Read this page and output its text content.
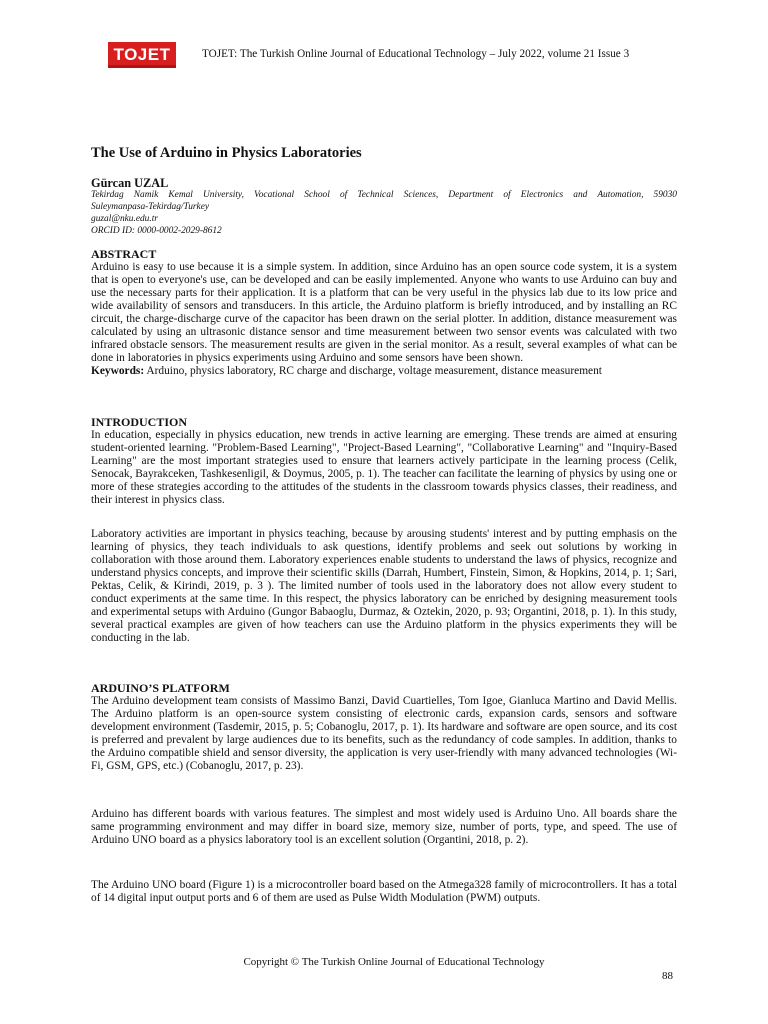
TOJET	TOJET: The Turkish Online Journal of Educational Technology – July 2022, volume 21 Issue 3
The Use of Arduino in Physics Laboratories
Gürcan UZAL
Tekirdag Namik Kemal University, Vocational School of Technical Sciences, Department of Electronics and Automation, 59030
Suleymanpasa-Tekirdag/Turkey
guzal@nku.edu.tr
ORCID ID: 0000-0002-2029-8612
ABSTRACT

Arduino is easy to use because it is a simple system. In addition, since Arduino has an open source code system, it is a system that is open to everyone's use, can be developed and can be easily implemented. Anyone who wants to use Arduino can buy and use the necessary parts for their application. It is a platform that can be very useful in the physics lab due to its low price and wide availability of sensors and transducers. In this article, the Arduino platform is briefly introduced, and by installing an RC circuit, the charge-discharge curve of the capacitor has been drawn on the serial plotter. In addition, distance measurement was calculated by using an ultrasonic distance sensor and time measurement between two sensor events was calculated with two infrared obstacle sensors. The measurement results are given in the serial monitor. As a result, several examples of what can be done in laboratories in physics experiments using Arduino and some sensors have been shown.

Keywords: Arduino, physics laboratory, RC charge and discharge, voltage measurement, distance measurement
INTRODUCTION

In education, especially in physics education, new trends in active learning are emerging. These trends are aimed at ensuring student-oriented learning. "Problem-Based Learning", "Project-Based Learning", "Collaborative Learning" and "Inquiry-Based Learning" are the most important strategies used to ensure that learners actively participate in the learning process (Celik, Senocak, Bayrakceken, Tashkesenligil, & Doymus, 2005, p. 1). The teacher can facilitate the learning of physics by using one or more of these strategies according to the attitudes of the students in the classroom towards physics classes, their readiness, and their interest in physics class.

Laboratory activities are important in physics teaching, because by arousing students' interest and by putting emphasis on the learning of physics, they teach individuals to ask questions, identify problems and seek out solutions by working in collaboration with those around them. Laboratory experiences enable students to understand the laws of physics, recognize and understand physics concepts, and improve their scientific skills (Darrah, Humbert, Finstein, Simon, & Hopkins, 2014, p. 1; Sari, Pektas, Celik, & Kirindi, 2019, p. 3 ). The limited number of tools used in the laboratory does not allow every student to conduct experiments at the same time. In this respect, the physics laboratory can be enriched by designing measurement tools and experimental setups with Arduino (Gungor Babaoglu, Durmaz, & Oztekin, 2020, p. 93; Organtini, 2018, p. 1). In this study, several practical examples are given of how teachers can use the Arduino platform in the physics experiments they will be conducting in the lab.

ARDUINO’S PLATFORM

The Arduino development team consists of Massimo Banzi, David Cuartielles, Tom Igoe, Gianluca Martino and David Mellis. The Arduino platform is an open-source system consisting of electronic cards, expansion cards, sensors and software development environment (Tasdemir, 2015, p. 5; Cobanoglu, 2017, p. 1). Its hardware and software are open source, and its cost is preferred and prevalent by large audiences due to its benefits, such as the redundancy of code samples. In addition, thanks to the Arduino compatible shield and sensor diversity, the application is very user-friendly with many advanced technologies (Wi-Fi, GSM, GPS, etc.) (Cobanoglu, 2017, p. 23).

Arduino has different boards with various features. The simplest and most widely used is Arduino Uno. All boards share the same programming environment and may differ in board size, memory size, number of ports, type, and speed. The use of Arduino UNO board as a physics laboratory tool is an excellent solution (Organtini, 2018, p. 2).

The Arduino UNO board (Figure 1) is a microcontroller board based on the Atmega328 family of microcontrollers. It has a total of 14 digital input output ports and 6 of them are used as Pulse Width Modulation (PWM) outputs.

Copyright © The Turkish Online Journal of Educational Technology
88
